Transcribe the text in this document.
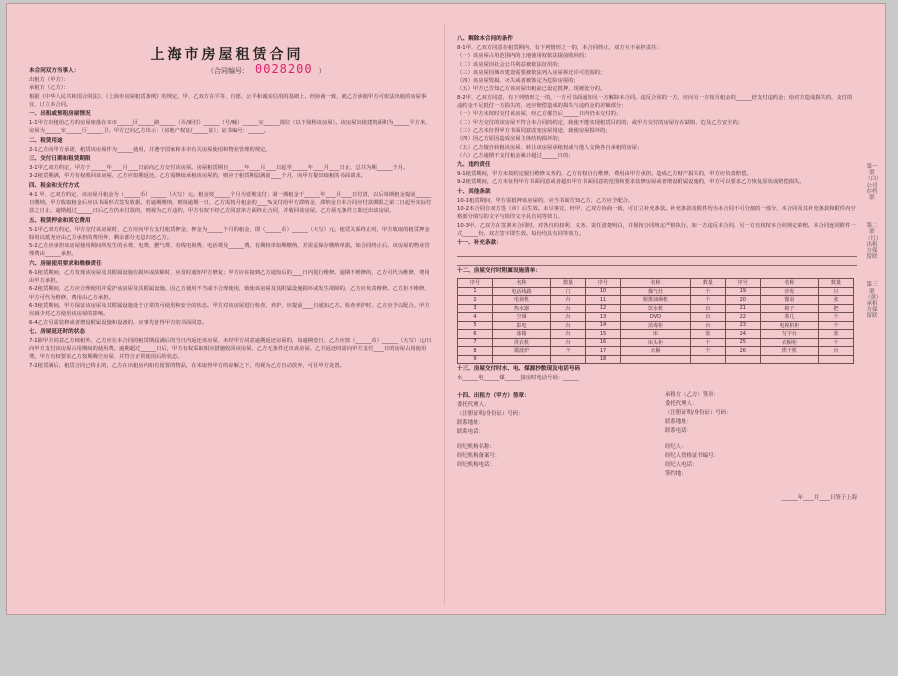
上海市房屋租赁合同
（合同编号： 0028200 ）
本合同双方当事人：
出租方（甲方）：
承租方（乙方）：

根据《中华人民共和国合同法》、《上海市房屋租赁条例》的规定，甲、乙双方在平等、自愿、公平和诚实信用的基础上，经协商一致，就乙方承租甲方可依法出租的房屋事宜，订立本合同。

一、出租或预租房屋情况

1-1甲方出租给乙方的房屋座落在本市______区______路______（弄/新村）______（号/幢）______室______部位（以下简称该房屋）。该房屋出租建筑面积为______平方米，房屋为______室______厅______卫。甲方已向乙方出示：（房地产权证/______证）；证书编号：______。

二、租赁用途

2-1乙方向甲方承诺，租赁该房屋作为______使用，并遵守国家和本市有关房屋使用和物业管理的规定。

三、交付日期和租赁期限

3-1甲乙双方约定，甲方于______年____月____日前向乙方交付该房屋。房屋租赁期自______年____月____日起至______年____月____日止，总共为期______个月。

3-2租赁期满，甲方有权收回该房屋，乙方应如期返还。乙方需继续承租该房屋的，则应于租赁期届满前____个月，向甲方提出续租的书面请求。

四、租金和支付方式

4-1 甲、乙双方约定，该房屋月租金为（______币）______（大写）元。租金按______个月为壹期支付；第一期租金于______年____月____日付清，以后每期租金提前______日缴纳。甲方收取租金后应以书面形式签发收据。若逾期缴纳，则每逾期一日，乙方需按月租金的____%支付给甲方滞纳金，滞纳金自本合同应付款期限之第二日起至实际付款之日止。逾期超过______日后乙方仍未付款的，则视为乙方违约，甲方有权不经乙方同意单方面终止合同，并收回该房屋。乙方须无条件立即迁出该房屋。

五、租赁押金和其它费用

5-1甲乙双方约定，甲方交付该房屋时，乙方应向甲方支付租赁押金，押金为______个月的租金，即（______币）______（大写）元。租赁关系终止时，甲方收取的租赁押金除用以抵充应由乙方承担的费用外，剩余部分无息归还乙方。

5-2乙方应承担该房屋使用期间所发生的水费、电费、燃气费、有线电视费、电话费及______费。有期权单如期缴纳，并需妥保存缴纳单据。如合同终止后，该房屋的物业管理费由______承担。

六、房屋使用要求和维修责任

6-1租赁期间，乙方发现该房屋及其附属设施有损坏或故障时，应及时通知甲方修复；甲方应在接到乙方通知后的____日内进行维修。逾期不维修的，乙方可代为维修，费用由甲方承担。

6-2租赁期间，乙方应合理使用并爱护该房屋及其附属设施。因乙方使用不当或不合理使用，致使该房屋及其附属设施损坏或发生故障的，乙方应负责维修。乙方拒不维修，甲方可代为维修，费用由乙方承担。

6-3租赁期间，甲方保证该房屋及其附属设施处于正常的可使用和安全的状态。甲方对该房屋进行检查、养护，应提前____日通知乙方。检查养护时，乙方应予以配合。甲方应减少对乙方使用该房屋的影响。

6-4乙方另需装修或者增设附属设施和设备的，应事先征得甲方的书面同意。

七、房屋返还时的状态

7-1除甲方同意乙方续租外，乙方应在本合同的租赁期届满后的当日内返还该房屋，未经甲方同意逾期返还房屋的，每逾期壹日，乙方应按（______币）______（大写）元/日向甲方支付该房屋占用期间的使用费。逾期超过______日后，甲方有权采取相应措施收回该房屋，乙方无条件迁出该房屋。乙方返还时需向甲方支付____日的房屋占用使用费。甲方有权要求乙方按期腾空房屋，并符合正常使用后的状态。

7-2租赁满后，租赁合同已终止的，乙方在出租房内如有留置的物品，在未取得甲方的谅解之下，均视为乙方自动放弃，可任甲方处置。

八、解除本合同的条件

8-1甲、乙双方同意在租赁期内，有下列情形之一的，本合同终止，双方互不承担责任：

（一）该房屋占用范围内的土地使用权依法提前收回的；

（二）该房屋因社会公共利益被依法征用的；

（三）该房屋因城市建设需要被依法列入房屋拆迁许可范围的；

（四）该房屋毁损、灭失或者被鉴定为危险房屋的；

（五）甲方已告知乙方该房屋出租前已设定抵押，现被处分的。

8-2甲、乙双方同意，有下列情形之一的，一方可书面通知另一方解除本合同。违反合同的一方，应向另一方按月租金的______倍支付违约金；给对方造成损失的，支付的违约金不足抵付一方损失的，还应赔偿造成的损失与违约金的差额部分：

（一）甲方未按时交付该房屋，经乙方催告后______日内仍未交付的；

（二）甲方交付的该房屋不符合本合同的约定，致使不能实现租赁目的的；或甲方交付的房屋存在缺陷、危及乙方安全的；

（三）乙方未征得甲方书面同意改变房屋用途，致使房屋损坏的；

（四）因乙方原因造成房屋主体结构损坏的；

（五）乙方擅自转租该房屋、转让该房屋承租权或与他人交换各自承租的房屋；

（六）乙方逾期不支付租金累计超过______日的；

九、违约责任

9-1租赁期间，甲方未按约定履行维修义务的，乙方有权自行维修，费用由甲方承担。造成乙方财产损失的，甲方应负责赔偿。

9-2租赁期间，乙方未征得甲方书面同意或者超出甲方书面同意的范围和要求装修房屋或者增设附属设施的，甲方可以要求乙方恢复原状或赔偿损失。

十、其他条款

10-1租赁期间，甲方需抵押该房屋的，应当书面告知乙方，乙方应予配合。

10-2本合同自双方签（章）后生效。未尽事宜，经甲、乙双方协商一致，可订立补充条款。补充条款及附件均为本合同不可分割的一部分，本合同及其补充条款和附件内空格部分填写的文字与铅印文字具有同等效力。

10-3甲、乙双方在签署本合同时，对各自的权利、义务、责任清楚明白，并愿按合同规定严格执行。如一方违反本合同，另一方有权按本合同规定索赔。本合同连同附件一式______份，双方签字即生效。每份均具有同等效力。

十一、补充条款：
十二、房屋交付时附属设施清单：
序号	名称	数量	序号	名称	数量	序号	名称	数量
1	电话线路	门	10	煤气灶	个	19	沙发	只
2	电视机	台	11	脱排油烟机	个	20	餐桌	张
3	热水器	台	12	饮水机	台	21	椅子	把
4	空调	台	13	DVD	台	22	茶几	个
5	影电	台	14	消毒柜	台	23	电视机柜	个
6	冰箱	台	15	床	张	24	写字台	张
7	洗衣机	台	16	床头柜	个	25	衣橱柜	个
8	微波炉	个	17	衣橱	个	26	烘干机	台
9			18					
十三、房屋交付时水、电、煤源抄数现及电话号码
水______电______煤______接房时电话号码：______
十四、出租方（甲方）签章：
委托代理人：
（注册证明/身份证）号码：
联系地址：
联系电话：
承租方（乙方）签章：
委托代理人：
（注册证明/身份证）号码：
联系地址：
联系电话：
经纪机构名称：
经纪机构备案号：
经纪机构电话：
经纪人：
经纪人资格证书编号：
经纪人电话：
签约地：
______年____月____日签于上海
第一联（白）公司存档联
第二联（红）出租方保留联
第三联（黄）承租方保留联
